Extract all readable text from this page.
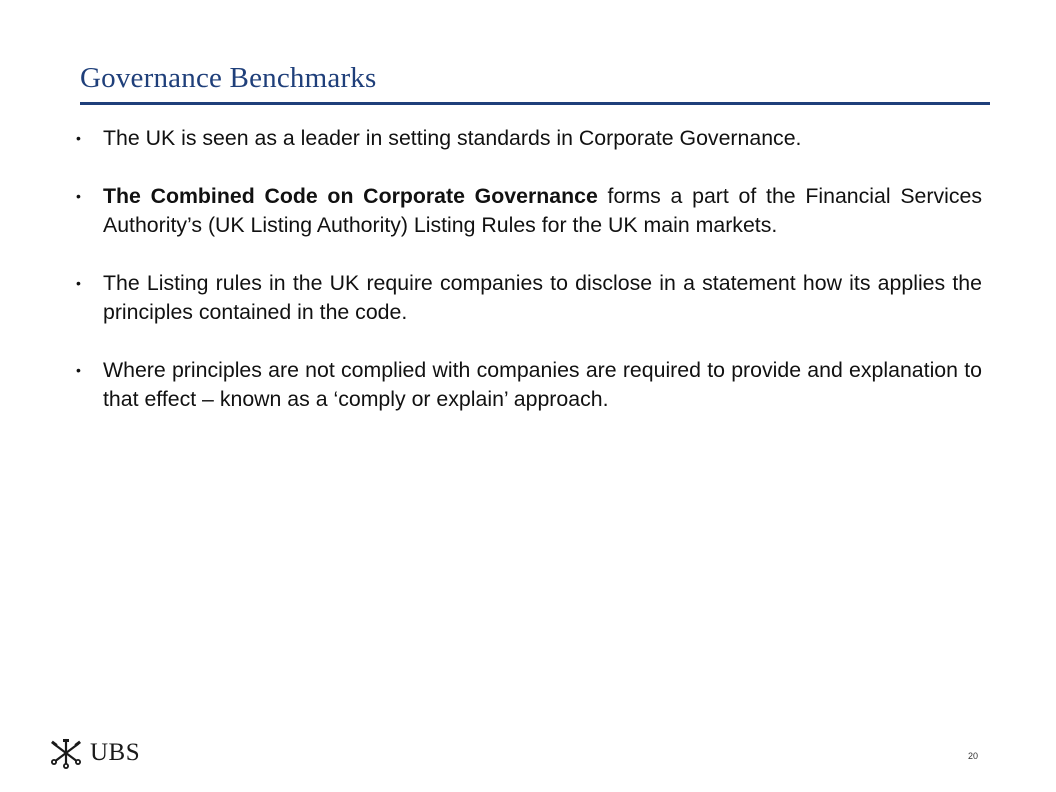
Governance Benchmarks
• The UK is seen as a leader in setting standards in Corporate Governance.
• The Combined Code on Corporate Governance forms a part of the Financial Services Authority’s (UK Listing Authority) Listing Rules for the UK main markets.
• The Listing rules in the UK require companies to disclose in a statement how its applies the principles contained in the code.
• Where principles are not complied with companies are required to provide and explanation to that effect – known as a ‘comply or explain’ approach.
UBS	20
